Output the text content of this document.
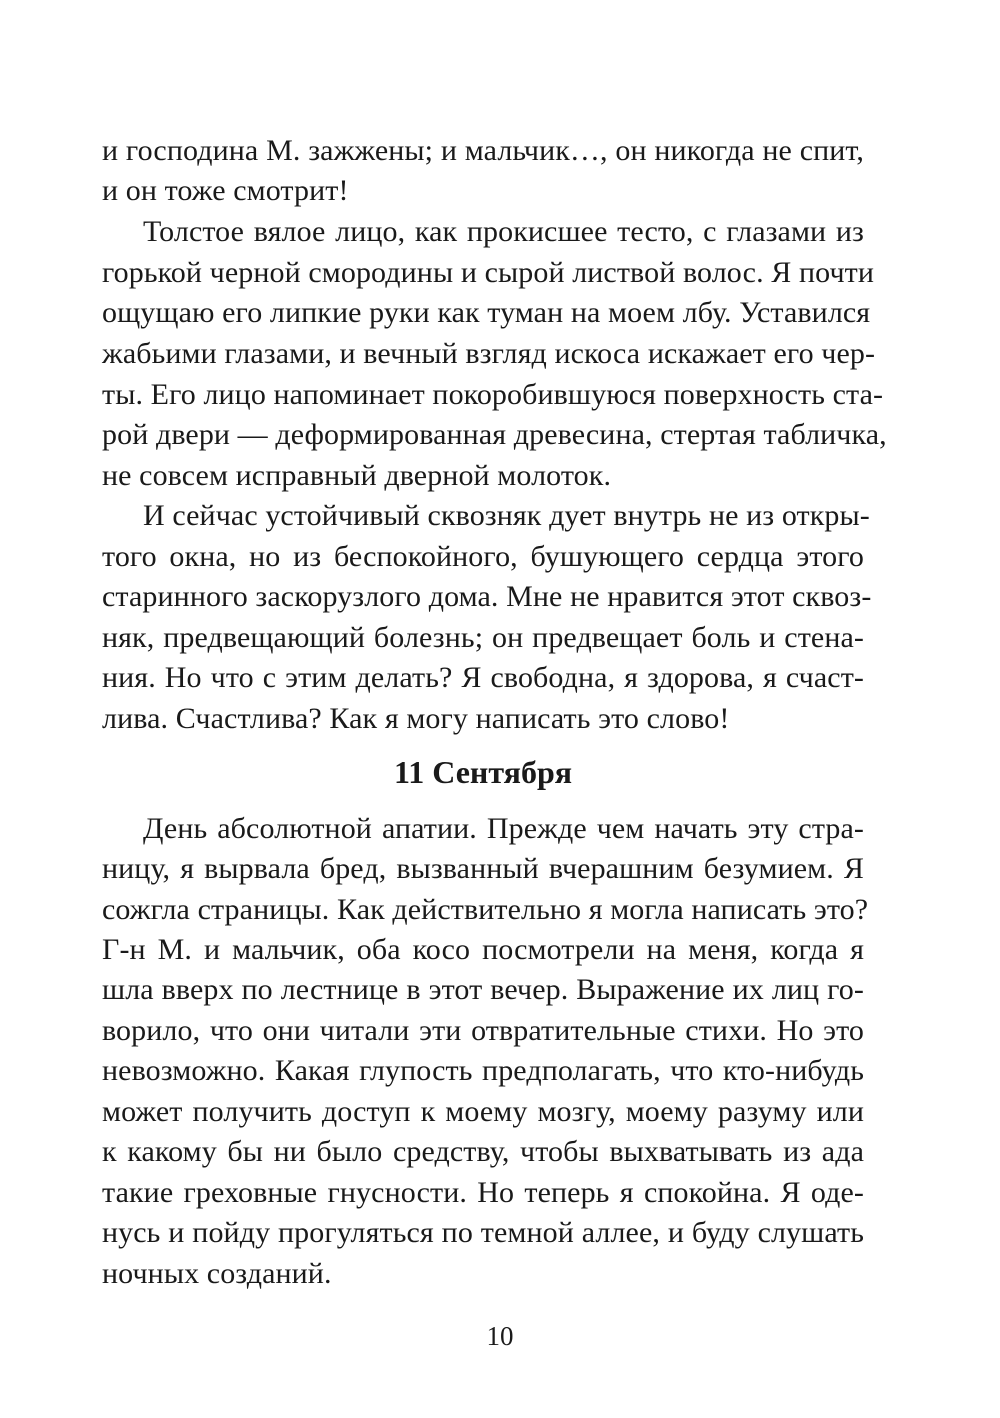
и господина М. зажжены; и мальчик…, он никогда не спит,
и он тоже смотрит!
Толстое вялое лицо, как прокисшее тесто, с глазами из
горькой черной смородины и сырой листвой волос. Я почти
ощущаю его липкие руки как туман на моем лбу. Уставился
жабьими глазами, и вечный взгляд искоса искажает его чер-
ты. Его лицо напоминает покоробившуюся поверхность ста-
рой двери — деформированная древесина, стертая табличка,
не совсем исправный дверной молоток.
И сейчас устойчивый сквозняк дует внутрь не из откры-
того окна, но из беспокойного, бушующего сердца этого
старинного заскорузлого дома. Мне не нравится этот сквоз-
няк, предвещающий болезнь; он предвещает боль и стена-
ния. Но что с этим делать? Я свободна, я здорова, я счаст-
лива. Счастлива? Как я могу написать это слово!
11 Сентября
День абсолютной апатии. Прежде чем начать эту стра-
ницу, я вырвала бред, вызванный вчерашним безумием. Я
сожгла страницы. Как действительно я могла написать это?
Г-н М. и мальчик, оба косо посмотрели на меня, когда я
шла вверх по лестнице в этот вечер. Выражение их лиц го-
ворило, что они читали эти отвратительные стихи. Но это
невозможно. Какая глупость предполагать, что кто-нибудь
может получить доступ к моему мозгу, моему разуму или
к какому бы ни было средству, чтобы выхватывать из ада
такие греховные гнусности. Но теперь я спокойна. Я оде-
нусь и пойду прогуляться по темной аллее, и буду слушать
ночных созданий.
10
